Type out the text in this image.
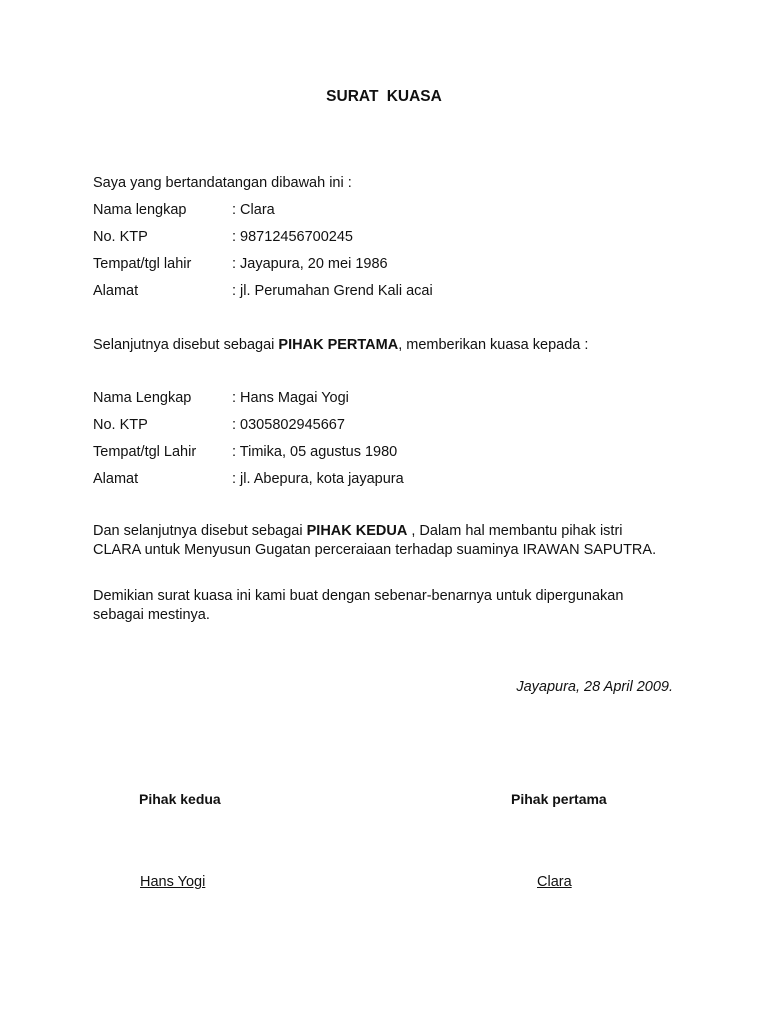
SURAT KUASA
Saya yang bertandatangan dibawah ini :
Nama lengkap	: Clara
No. KTP	: 98712456700245
Tempat/tgl lahir	: Jayapura, 20 mei 1986
Alamat	: jl. Perumahan Grend Kali acai
Selanjutnya disebut sebagai PIHAK PERTAMA, memberikan kuasa kepada :
Nama Lengkap	: Hans Magai Yogi
No. KTP	: 0305802945667
Tempat/tgl Lahir : Timika, 05 agustus 1980
Alamat	: jl. Abepura, kota jayapura
Dan selanjutnya disebut sebagai PIHAK KEDUA , Dalam hal membantu pihak istri CLARA untuk Menyusun Gugatan perceraiaan terhadap suaminya IRAWAN SAPUTRA.
Demikian surat kuasa ini kami buat dengan sebenar-benarnya untuk dipergunakan sebagai mestinya.
Jayapura, 28 April 2009.
Pihak kedua	Pihak pertama
Hans Yogi	Clara
